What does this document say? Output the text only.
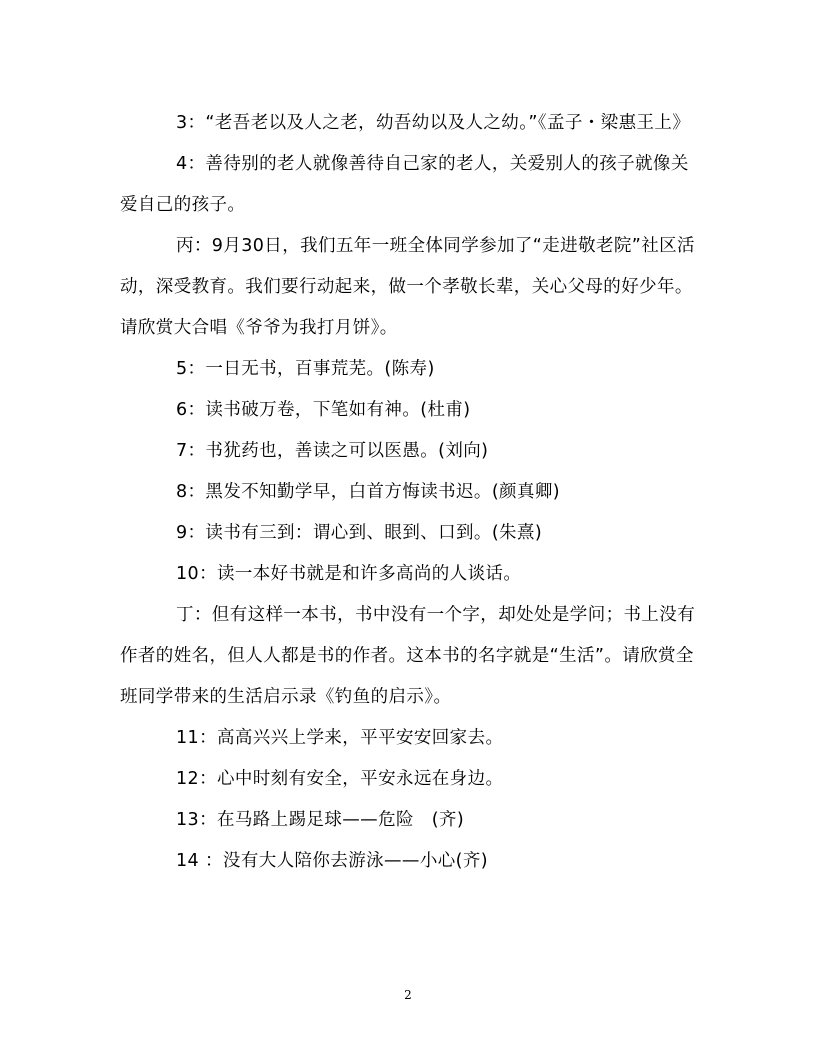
3：“老吾老以及人之老，幼吾幼以及人之幼。”《孟子・梁惠王上》

4：善待别的老人就像善待自己家的老人，关爱别人的孩子就像关爱自己的孩子。

丙：9月30日，我们五年一班全体同学参加了“走进敬老院”社区活动，深受教育。我们要行动起来，做一个孝敬长辈，关心父母的好少年。请欣赏大合唱《爷爷为我打月饼》。

5：一日无书，百事荒芜。(陈寿)

6：读书破万卷，下笔如有神。(杜甫)

7：书犹药也，善读之可以医愚。(刘向)

8：黑发不知勤学早，白首方悔读书迟。(颜真卿)

9：读书有三到：谓心到、眼到、口到。(朱熹)

10：读一本好书就是和许多高尚的人谈话。

丁：但有这样一本书，书中没有一个字，却处处是学问；书上没有作者的姓名，但人人都是书的作者。这本书的名字就是“生活”。请欣赏全班同学带来的生活启示录《钓鱼的启示》。

11：高高兴兴上学来，平平安安回家去。

12：心中时刻有安全，平安永远在身边。

13：在马路上踢足球——危险　(齐)

14 ：没有大人陪你去游泳——小心(齐)

2
